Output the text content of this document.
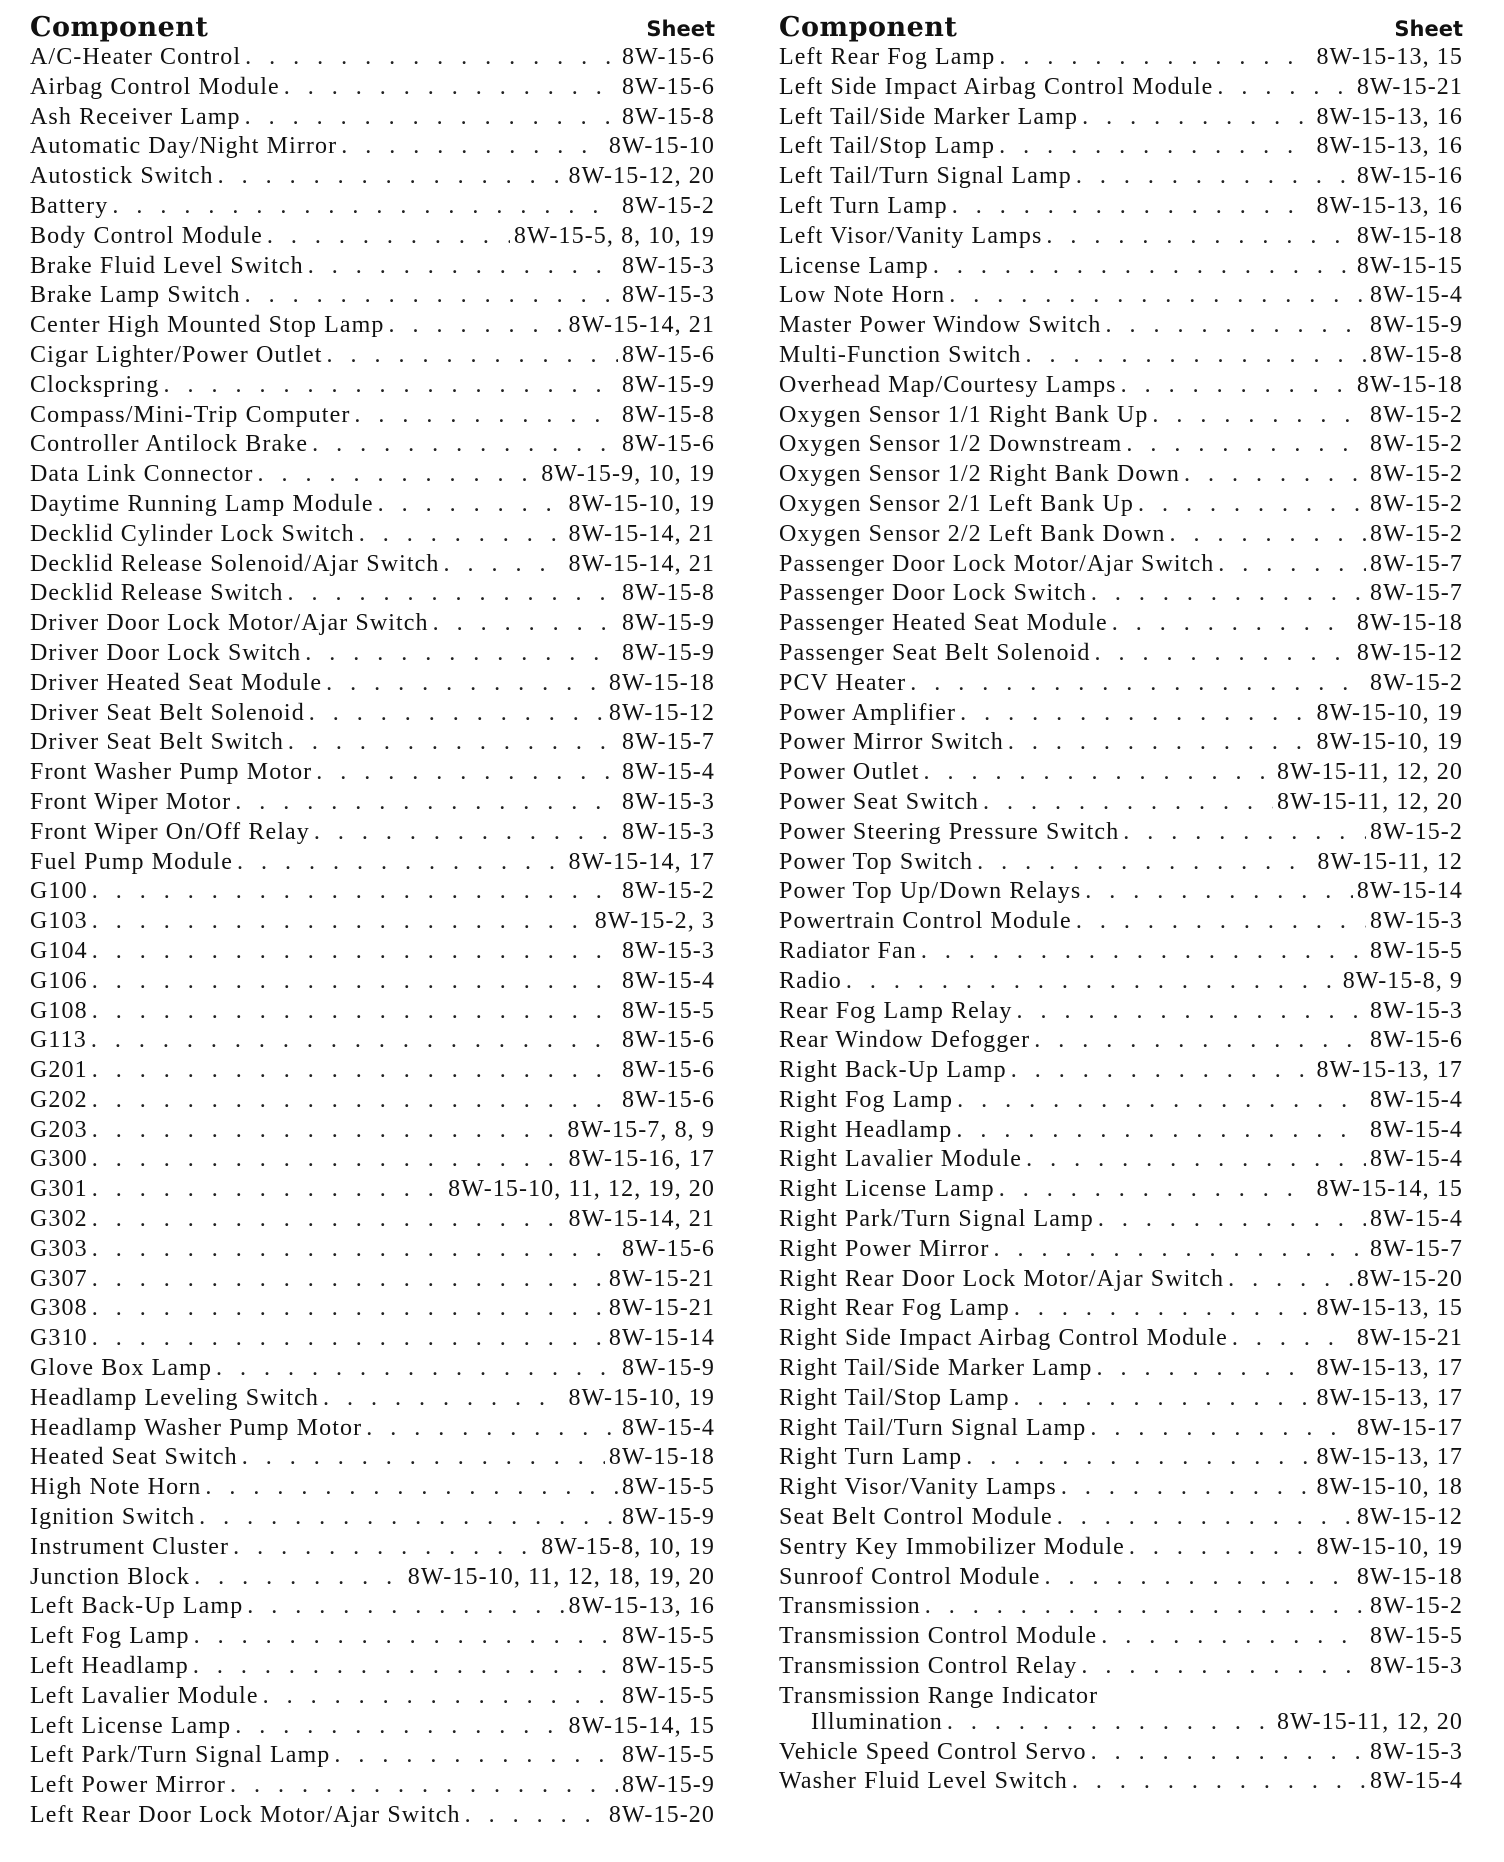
Component	Sheet
A/C-Heater Control . . .	8W-15-6
Airbag Control Module . . .	8W-15-6
Ash Receiver Lamp . . .	8W-15-8
Automatic Day/Night Mirror . . .	8W-15-10
Autostick Switch . . .	8W-15-12, 20
Battery . . .	8W-15-2
Body Control Module . . .	8W-15-5, 8, 10, 19
Brake Fluid Level Switch . . .	8W-15-3
Brake Lamp Switch . . .	8W-15-3
Center High Mounted Stop Lamp . . .	8W-15-14, 21
Cigar Lighter/Power Outlet . . .	8W-15-6
Clockspring . . .	8W-15-9
Compass/Mini-Trip Computer . . .	8W-15-8
Controller Antilock Brake . . .	8W-15-6
Data Link Connector . . .	8W-15-9, 10, 19
Daytime Running Lamp Module . . .	8W-15-10, 19
Decklid Cylinder Lock Switch . . .	8W-15-14, 21
Decklid Release Solenoid/Ajar Switch . . .	8W-15-14, 21
Decklid Release Switch . . .	8W-15-8
Driver Door Lock Motor/Ajar Switch . . .	8W-15-9
Driver Door Lock Switch . . .	8W-15-9
Driver Heated Seat Module . . .	8W-15-18
Driver Seat Belt Solenoid . . .	8W-15-12
Driver Seat Belt Switch . . .	8W-15-7
Front Washer Pump Motor . . .	8W-15-4
Front Wiper Motor . . .	8W-15-3
Front Wiper On/Off Relay . . .	8W-15-3
Fuel Pump Module . . .	8W-15-14, 17
G100 . . .	8W-15-2
G103 . . .	8W-15-2, 3
G104 . . .	8W-15-3
G106 . . .	8W-15-4
G108 . . .	8W-15-5
G113 . . .	8W-15-6
G201 . . .	8W-15-6
G202 . . .	8W-15-6
G203 . . .	8W-15-7, 8, 9
G300 . . .	8W-15-16, 17
G301 . . .	8W-15-10, 11, 12, 19, 20
G302 . . .	8W-15-14, 21
G303 . . .	8W-15-6
G307 . . .	8W-15-21
G308 . . .	8W-15-21
G310 . . .	8W-15-14
Glove Box Lamp . . .	8W-15-9
Headlamp Leveling Switch . . .	8W-15-10, 19
Headlamp Washer Pump Motor . . .	8W-15-4
Heated Seat Switch . . .	8W-15-18
High Note Horn . . .	8W-15-5
Ignition Switch . . .	8W-15-9
Instrument Cluster . . .	8W-15-8, 10, 19
Junction Block . . .	8W-15-10, 11, 12, 18, 19, 20
Left Back-Up Lamp . . .	8W-15-13, 16
Left Fog Lamp . . .	8W-15-5
Left Headlamp . . .	8W-15-5
Left Lavalier Module . . .	8W-15-5
Left License Lamp . . .	8W-15-14, 15
Left Park/Turn Signal Lamp . . .	8W-15-5
Left Power Mirror . . .	8W-15-9
Left Rear Door Lock Motor/Ajar Switch . . .	8W-15-20
Component	Sheet
Left Rear Fog Lamp . . .	8W-15-13, 15
Left Side Impact Airbag Control Module . . .	8W-15-21
Left Tail/Side Marker Lamp . . .	8W-15-13, 16
Left Tail/Stop Lamp . . .	8W-15-13, 16
Left Tail/Turn Signal Lamp . . .	8W-15-16
Left Turn Lamp . . .	8W-15-13, 16
Left Visor/Vanity Lamps . . .	8W-15-18
License Lamp . . .	8W-15-15
Low Note Horn . . .	8W-15-4
Master Power Window Switch . . .	8W-15-9
Multi-Function Switch . . .	8W-15-8
Overhead Map/Courtesy Lamps . . .	8W-15-18
Oxygen Sensor 1/1 Right Bank Up . . .	8W-15-2
Oxygen Sensor 1/2 Downstream . . .	8W-15-2
Oxygen Sensor 1/2 Right Bank Down . . .	8W-15-2
Oxygen Sensor 2/1 Left Bank Up . . .	8W-15-2
Oxygen Sensor 2/2 Left Bank Down . . .	8W-15-2
Passenger Door Lock Motor/Ajar Switch . . .	8W-15-7
Passenger Door Lock Switch . . .	8W-15-7
Passenger Heated Seat Module . . .	8W-15-18
Passenger Seat Belt Solenoid . . .	8W-15-12
PCV Heater . . .	8W-15-2
Power Amplifier . . .	8W-15-10, 19
Power Mirror Switch . . .	8W-15-10, 19
Power Outlet . . .	8W-15-11, 12, 20
Power Seat Switch . . .	8W-15-11, 12, 20
Power Steering Pressure Switch . . .	8W-15-2
Power Top Switch . . .	8W-15-11, 12
Power Top Up/Down Relays . . .	8W-15-14
Powertrain Control Module . . .	8W-15-3
Radiator Fan . . .	8W-15-5
Radio . . .	8W-15-8, 9
Rear Fog Lamp Relay . . .	8W-15-3
Rear Window Defogger . . .	8W-15-6
Right Back-Up Lamp . . .	8W-15-13, 17
Right Fog Lamp . . .	8W-15-4
Right Headlamp . . .	8W-15-4
Right Lavalier Module . . .	8W-15-4
Right License Lamp . . .	8W-15-14, 15
Right Park/Turn Signal Lamp . . .	8W-15-4
Right Power Mirror . . .	8W-15-7
Right Rear Door Lock Motor/Ajar Switch . . .	8W-15-20
Right Rear Fog Lamp . . .	8W-15-13, 15
Right Side Impact Airbag Control Module . . .	8W-15-21
Right Tail/Side Marker Lamp . . .	8W-15-13, 17
Right Tail/Stop Lamp . . .	8W-15-13, 17
Right Tail/Turn Signal Lamp . . .	8W-15-17
Right Turn Lamp . . .	8W-15-13, 17
Right Visor/Vanity Lamps . . .	8W-15-10, 18
Seat Belt Control Module . . .	8W-15-12
Sentry Key Immobilizer Module . . .	8W-15-10, 19
Sunroof Control Module . . .	8W-15-18
Transmission . . .	8W-15-2
Transmission Control Module . . .	8W-15-5
Transmission Control Relay . . .	8W-15-3
Transmission Range Indicator
Illumination . . .	8W-15-11, 12, 20
Vehicle Speed Control Servo . . .	8W-15-3
Washer Fluid Level Switch . . .	8W-15-4
